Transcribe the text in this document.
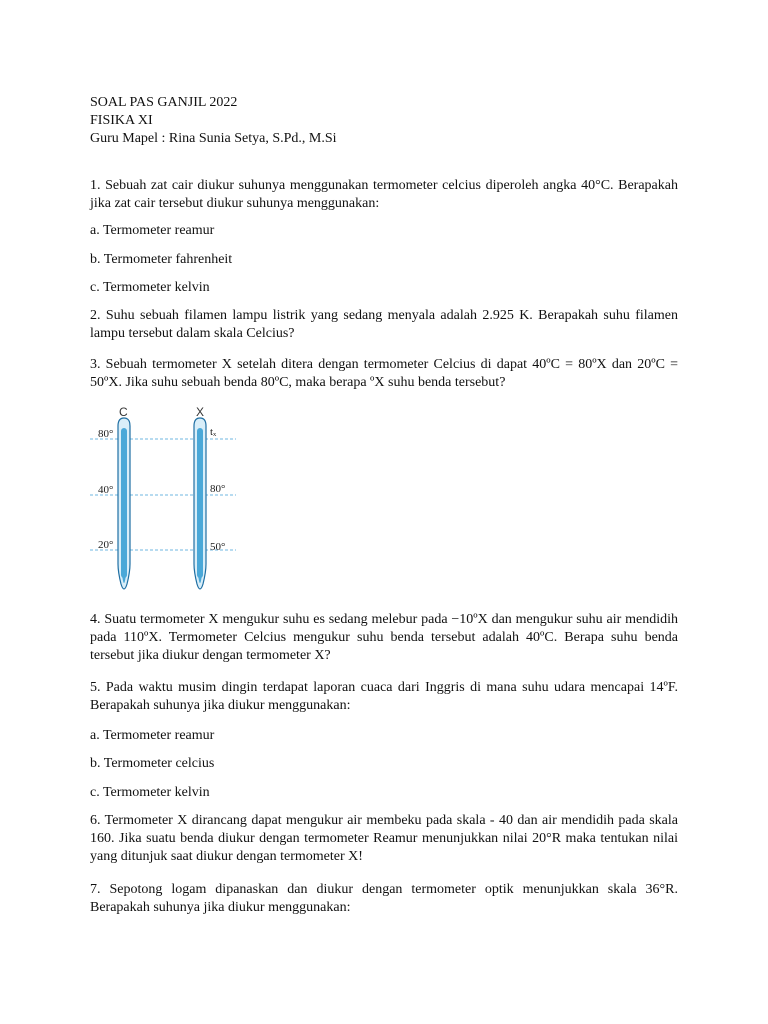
SOAL PAS GANJIL 2022
FISIKA XI
Guru Mapel : Rina Sunia Setya, S.Pd., M.Si

1. Sebuah zat cair diukur suhunya menggunakan termometer celcius diperoleh angka 40°C. Berapakah jika zat cair tersebut diukur suhunya menggunakan:

a. Termometer reamur
b. Termometer fahrenheit
c. Termometer kelvin

2. Suhu sebuah filamen lampu listrik yang sedang menyala adalah 2.925 K. Berapakah suhu filamen lampu tersebut dalam skala Celcius?

3. Sebuah termometer X setelah ditera dengan termometer Celcius di dapat 40ºC = 80ºX dan 20ºC = 50ºX. Jika suhu sebuah benda 80ºC, maka berapa ºX suhu benda tersebut?

C	X
80°
40°
20°
tₓ
80°
50°

4. Suatu termometer X mengukur suhu es sedang melebur pada −10ºX dan mengukur suhu air mendidih pada 110ºX. Termometer Celcius mengukur suhu benda tersebut adalah 40ºC. Berapa suhu benda tersebut jika diukur dengan termometer X?

5. Pada waktu musim dingin terdapat laporan cuaca dari Inggris di mana suhu udara mencapai 14ºF. Berapakah suhunya jika diukur menggunakan:

a. Termometer reamur
b. Termometer celcius
c. Termometer kelvin

6. Termometer X dirancang dapat mengukur air membeku pada skala - 40 dan air mendidih pada skala 160. Jika suatu benda diukur dengan termometer Reamur menunjukkan nilai 20°R maka tentukan nilai yang ditunjuk saat diukur dengan termometer X!

7. Sepotong logam dipanaskan dan diukur dengan termometer optik menunjukkan skala 36°R. Berapakah suhunya jika diukur menggunakan:
